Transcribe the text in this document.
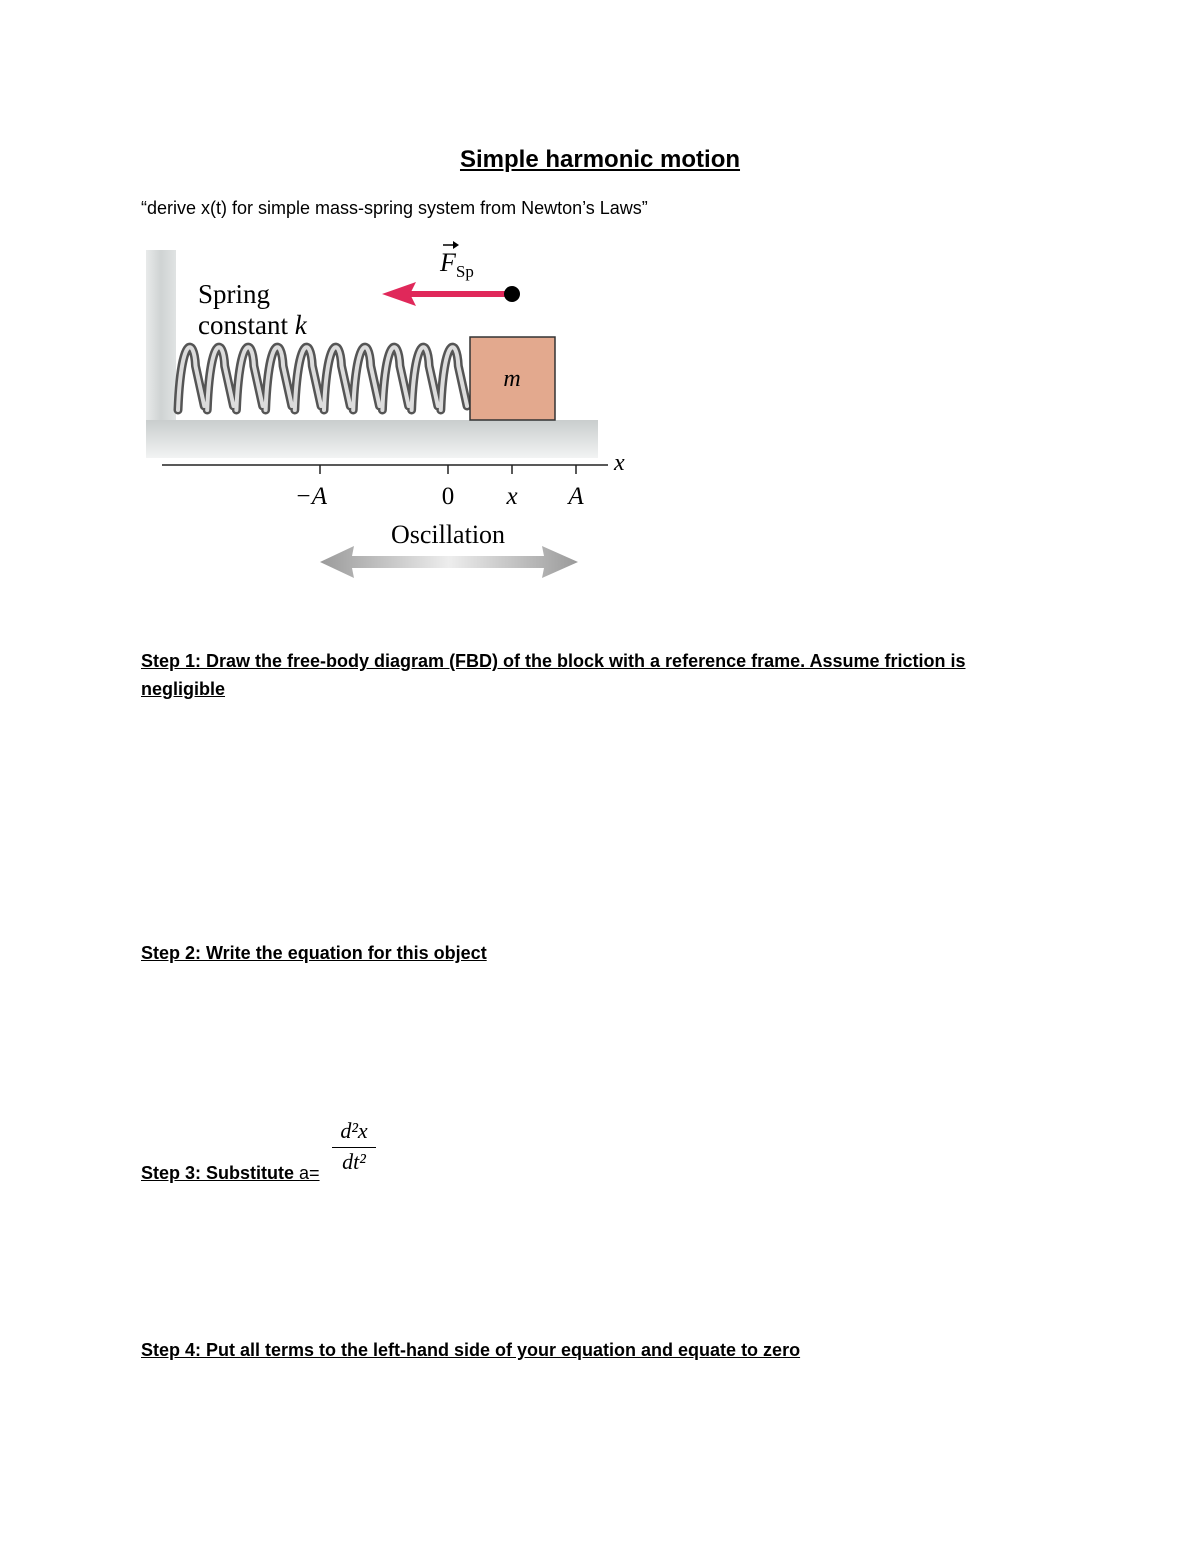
Simple harmonic motion
“derive x(t) for simple mass-spring system from Newton’s Laws”
m
Spring
constant k
$F_{Sp}$
x
−A	0 x A
Oscillation
Step 1: Draw the free-body diagram (FBD) of the block with a reference frame. Assume friction is negligible
Step 2: Write the equation for this object
Step 3: Substitute a=
d²x
dt²
Step 4: Put all terms to the left-hand side of your equation and equate to zero
